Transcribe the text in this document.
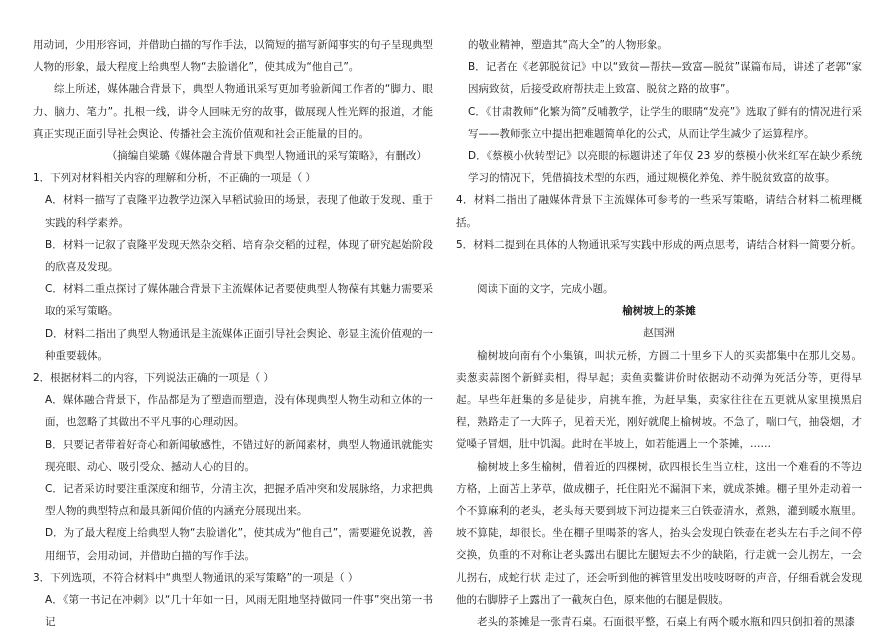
用动词，少用形容词，并借助白描的写作手法，以简短的描写新闻事实的句子呈现典型人物的形象，最大程度上给典型人物“去脸谱化”，使其成为“他自己”。

综上所述，媒体融合背景下，典型人物通讯采写更加考验新闻工作者的“脚力、眼力、脑力、笔力”。扎根一线，讲令人回味无穷的故事，做展现人性光辉的报道，才能真正实现正面引导社会舆论、传播社会主流价值观和社会正能量的目的。

（摘编自梁璐《媒体融合背景下典型人物通讯的采写策略》，有删改）

1．下列对材料相关内容的理解和分析，不正确的一项是（ ）

A．材料一描写了袁隆平边教学边深入早稻试验田的场景，表现了他敢于发现、重于实践的科学素养。

B．材料一记叙了袁隆平发现天然杂交稻、培育杂交稻的过程，体现了研究起始阶段的欣喜及发现。

C．材料二重点探讨了媒体融合背景下主流媒体记者要使典型人物葆有其魅力需要采取的采写策略。

D．材料二指出了典型人物通讯是主流媒体正面引导社会舆论、彰显主流价值观的一种重要载体。

2．根据材料二的内容，下列说法正确的一项是（ ）

A．媒体融合背景下，作品都是为了塑造而塑造，没有体现典型人物生动和立体的一面，也忽略了其做出不平凡事的心理动因。

B．只要记者带着好奇心和新闻敏感性，不错过好的新闻素材，典型人物通讯就能实现亮眼、动心、吸引受众、撼动人心的目的。

C．记者采访时要注重深度和细节，分清主次，把握矛盾冲突和发展脉络，力求把典型人物的典型特点和最具新闻价值的内涵充分展现出来。

D．为了最大程度上给典型人物“去脸谱化”，使其成为“他自己”，需要避免说教，善用细节，会用动词，并借助白描的写作手法。

3．下列选项，不符合材料中“典型人物通讯的采写策略”的一项是（ ）

A．《第一书记在冲刺》以“几十年如一日，风雨无阻地坚持做同一件事”突出第一书记

的敬业精神，塑造其“高大全”的人物形象。

B．记者在《老郭脱贫记》中以“致贫—帮扶—致富—脱贫”谋篇布局，讲述了老郭“家因病致贫，后接受政府帮扶走上致富、脱贫之路的故事”。

C．《甘肃教师“化繁为简”反哺教学，让学生的眼睛“发亮”》选取了鲜有的情况进行采写——教师张立中提出把难题简单化的公式，从而让学生减少了运算程序。

D．《蔡模小伙转型记》以亮眼的标题讲述了年仅 23 岁的蔡模小伙米红军在缺少系统学习的情况下，凭借搞技术型的东西，通过规模化养兔、养牛脱贫致富的故事。

4．材料二指出了融媒体背景下主流媒体可参考的一些采写策略，请结合材料二梳理概括。

5．材料二提到在具体的人物通讯采写实践中形成的两点思考，请结合材料一简要分析。

阅读下面的文字，完成小题。

榆树坡上的茶摊

赵国洲

榆树坡向南有个小集镇，叫状元桥，方圆二十里乡下人的买卖都集中在那儿交易。卖葱卖蒜图个新鲜卖相，得早起；卖鱼卖鳖讲价时依据动不动弹为死活分等，更得早起。早些年赶集的多是徒步，肩挑车推，为赶早集，卖家往往在五更就从家里摸黑启程，熟路走了一大阵子，见着天光，刚好就爬上榆树坡。不急了，喘口气，抽袋烟，才觉嗓子冒烟，肚中饥渴。此时在半坡上，如若能遇上一个茶摊，……

榆树坡上多生榆树，借着近的四棵树，砍四根长生当立柱，这出一个难看的不等边方格，上面苫上茅草，做成棚子，托住阳光不漏洞下来，就成茶摊。棚子里外走动着一个不算麻利的老头，老头每天要到坡下河边提来三白铁壶清水，煮熟，灌到暖水瓶里。坡不算陡，却很长。坐在棚子里喝茶的客人，抬头会发现白铁壶在老头左右手之间不停交换，负重的不对称让老头露出右腿比左腿短去不少的缺陷，行走就一会儿拐左，一会儿拐右，成蛇行状 走过了，还会听到他的裤管里发出吱吱呀呀的声音，仔细看就会发现他的右脚脖子上露出了一截灰白色，原来他的右腿是假肢。

老头的茶摊是一张青石桌。石面很平整，石桌上有两个暖水瓶和四只倒扣着的黑漆
